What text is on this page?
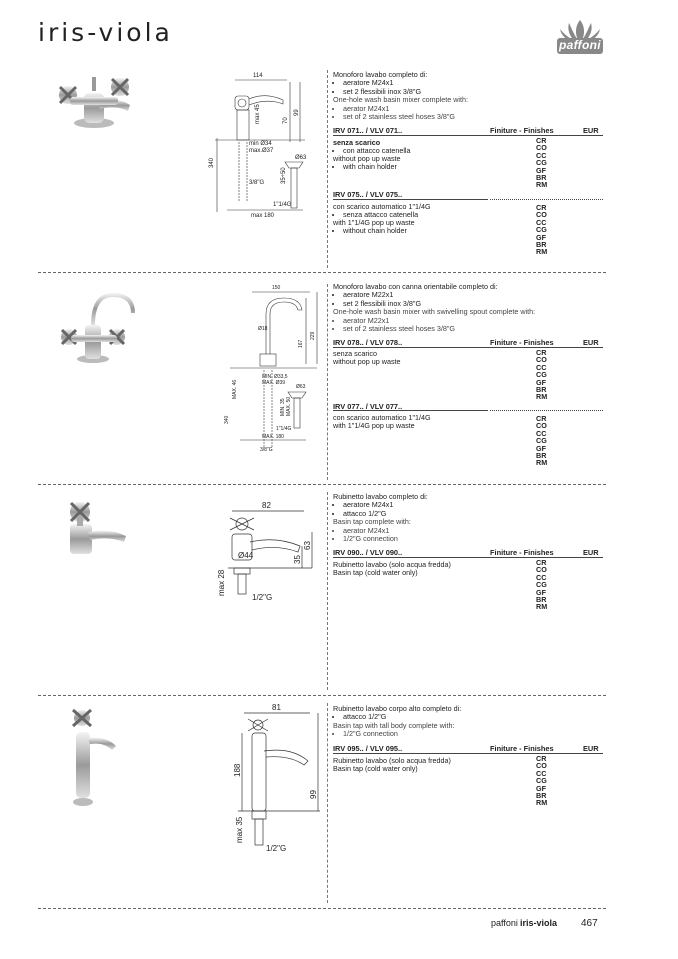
iris-viola	paffoni
114
max 45	70
99
min Ø34
max.Ø37
Ø63
340
35÷50
3/8"G
1"1/4G
max 180
Monoforo lavabo completo di:
• aeratore M24x1
• set 2 flessibili inox 3/8"G
One-hole wash basin mixer complete with:
• aerator M24x1
• set of 2 stainless steel hoses 3/8"G
IRV 071.. / VLV 071..	Finiture - Finishes	EUR
senza scarico
• con attacco catenella
without pop up waste
• with chain holder
CR
CO
CC
CG
GF
BR
RM
IRV 075.. / VLV 075..
con scarico automatico 1"1/4G
• senza attacco catenella
with 1"1/4G pop up waste
• without chain holder
CR
CO
CC
CG
GF
BR
RM
150
Ø18
167
229
MIN. Ø33,5
MAX. Ø39
Ø63
MAX. 46
340
MIN. 35 MAX. 50
1"1/4G
MAX. 180
3/8"G
Monoforo lavabo con canna orientabile completo di:
• aeratore M22x1
• set 2 flessibili inox 3/8"G
One-hole wash basin mixer with swivelling spout complete with:
• aerator M22x1
• set of 2 stainless steel hoses 3/8"G
IRV 078.. / VLV 078..	Finiture - Finishes	EUR
senza scarico
without pop up waste
CR
CO
CC
CG
GF
BR
RM
IRV 077.. / VLV 077..
con scarico automatico 1"1/4G
with 1"1/4G pop up waste
CR
CO
CC
CG
GF
BR
RM
82
Ø44	35
63
max 28
1/2"G
Rubinetto lavabo completo di:
• aeratore M24x1
• attacco 1/2"G
Basin tap complete with:
• aerator M24x1
• 1/2"G connection
IRV 090.. / VLV 090..	Finiture - Finishes	EUR
Rubinetto lavabo (solo acqua fredda)
Basin tap (cold water only)
CR
CO
CC
CG
GF
BR
RM
81
188
99
max 35
1/2"G
Rubinetto lavabo corpo alto completo di:
• attacco 1/2"G
Basin tap with tall body complete with:
• 1/2"G connection
IRV 095.. / VLV 095..	Finiture - Finishes	EUR
Rubinetto lavabo (solo acqua fredda)
Basin tap (cold water only)
CR
CO
CC
CG
GF
BR
RM
paffoni iris-viola 467
